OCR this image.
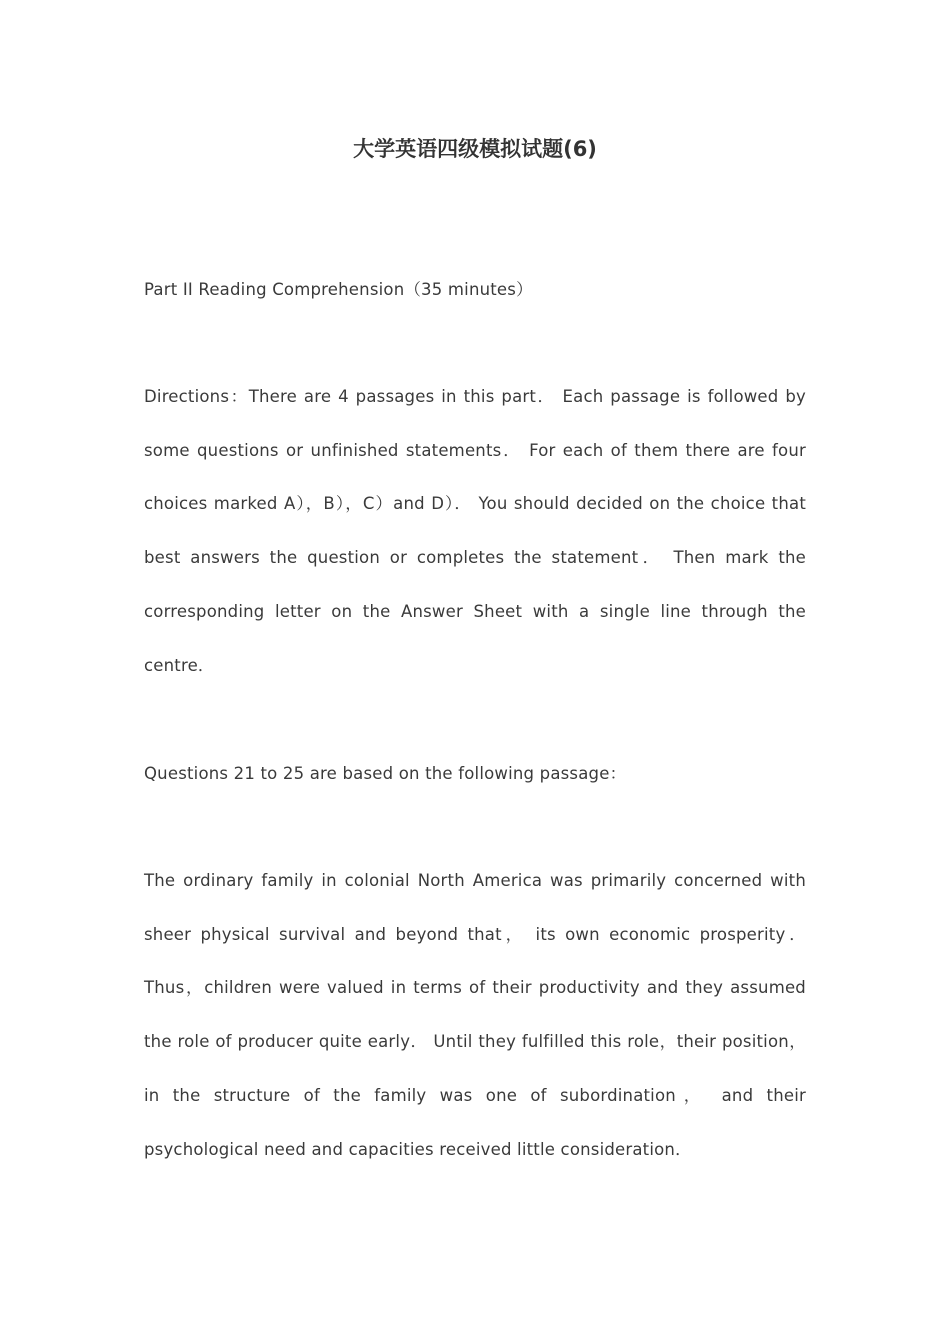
大学英语四级模拟试题(6)
Part II Reading Comprehension（35 minutes）
Directions：There are 4 passages in this part． Each passage is followed by some questions or unfinished statements． For each of them there are four choices marked A），B），C）and D）． You should decided on the choice that best answers the question or completes the statement． Then mark the corresponding letter on the Answer Sheet with a single line through the centre．
Questions 21 to 25 are based on the following passage：
The ordinary family in colonial North America was primarily concerned with sheer physical survival and beyond that， its own economic prosperity． Thus，children were valued in terms of their productivity and they assumed the role of producer quite early． Until they fulfilled this role，their position，in the structure of the family was one of subordination， and their psychological need and capacities received little consideration．
